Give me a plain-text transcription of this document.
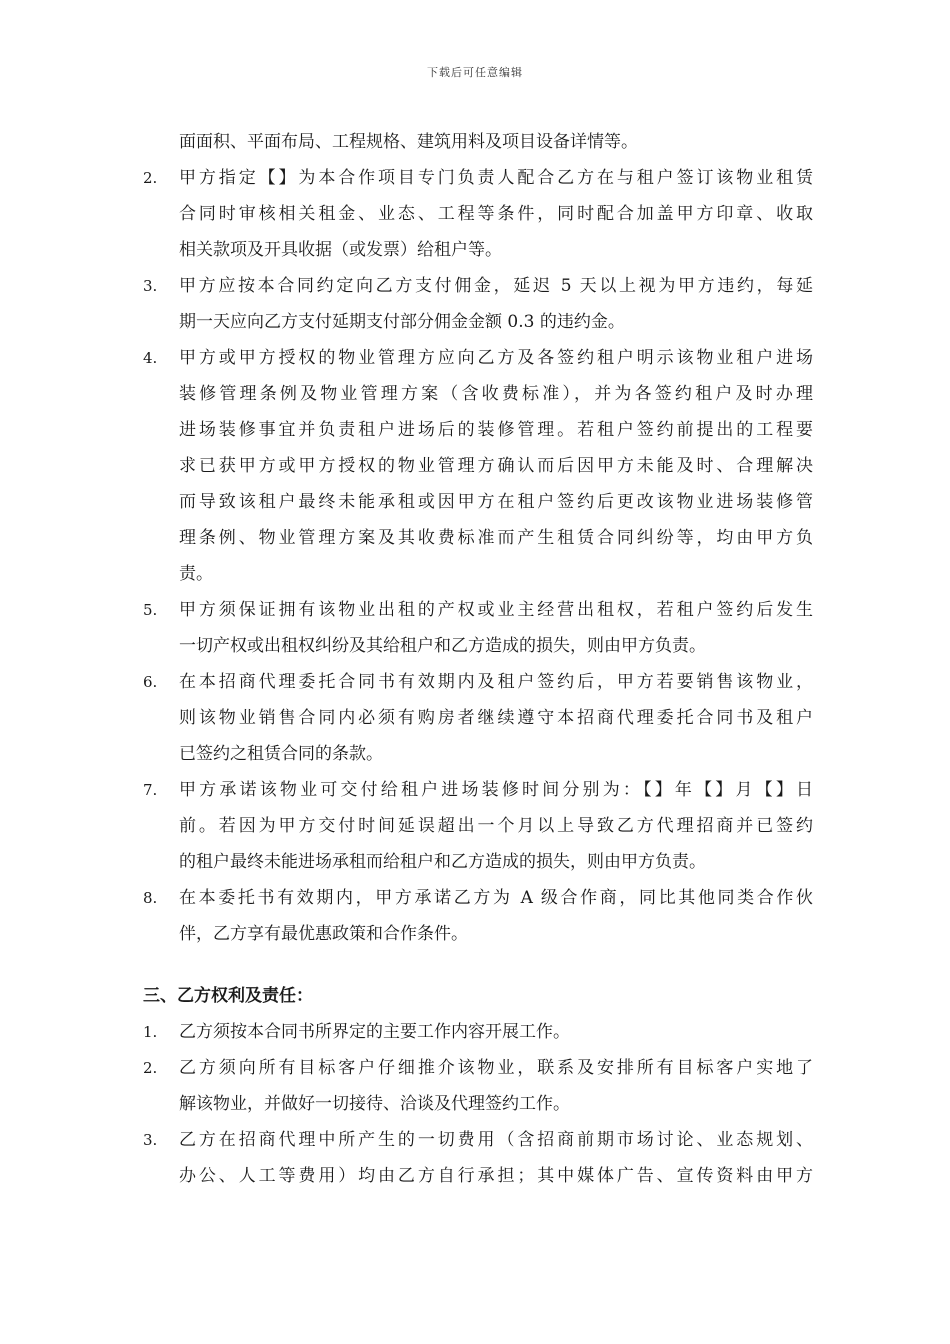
下载后可任意编辑
面面积、平面布局、工程规格、建筑用料及项目设备详情等。
2. 甲方指定【】为本合作项目专门负责人配合乙方在与租户签订该物业租赁
合同时审核相关租金、业态、工程等条件，同时配合加盖甲方印章、收取
相关款项及开具收据（或发票）给租户等。
3. 甲方应按本合同约定向乙方支付佣金，延迟 5 天以上视为甲方违约，每延
期一天应向乙方支付延期支付部分佣金金额 0.3 的违约金。
4. 甲方或甲方授权的物业管理方应向乙方及各签约租户明示该物业租户进场
装修管理条例及物业管理方案（含收费标准），并为各签约租户及时办理
进场装修事宜并负责租户进场后的装修管理。若租户签约前提出的工程要
求已获甲方或甲方授权的物业管理方确认而后因甲方未能及时、合理解决
而导致该租户最终未能承租或因甲方在租户签约后更改该物业进场装修管
理条例、物业管理方案及其收费标准而产生租赁合同纠纷等，均由甲方负
责。
5. 甲方须保证拥有该物业出租的产权或业主经营出租权，若租户签约后发生
一切产权或出租权纠纷及其给租户和乙方造成的损失，则由甲方负责。
6. 在本招商代理委托合同书有效期内及租户签约后，甲方若要销售该物业，
则该物业销售合同内必须有购房者继续遵守本招商代理委托合同书及租户
已签约之租赁合同的条款。
7. 甲方承诺该物业可交付给租户进场装修时间分别为：【】年【】月【】日
前。若因为甲方交付时间延误超出一个月以上导致乙方代理招商并已签约
的租户最终未能进场承租而给租户和乙方造成的损失，则由甲方负责。
8. 在本委托书有效期内，甲方承诺乙方为 A 级合作商，同比其他同类合作伙
伴，乙方享有最优惠政策和合作条件。
三、乙方权利及责任：
1. 乙方须按本合同书所界定的主要工作内容开展工作。
2. 乙方须向所有目标客户仔细推介该物业，联系及安排所有目标客户实地了
解该物业，并做好一切接待、洽谈及代理签约工作。
3. 乙方在招商代理中所产生的一切费用（含招商前期市场讨论、业态规划、
办公、人工等费用）均由乙方自行承担；其中媒体广告、宣传资料由甲方
